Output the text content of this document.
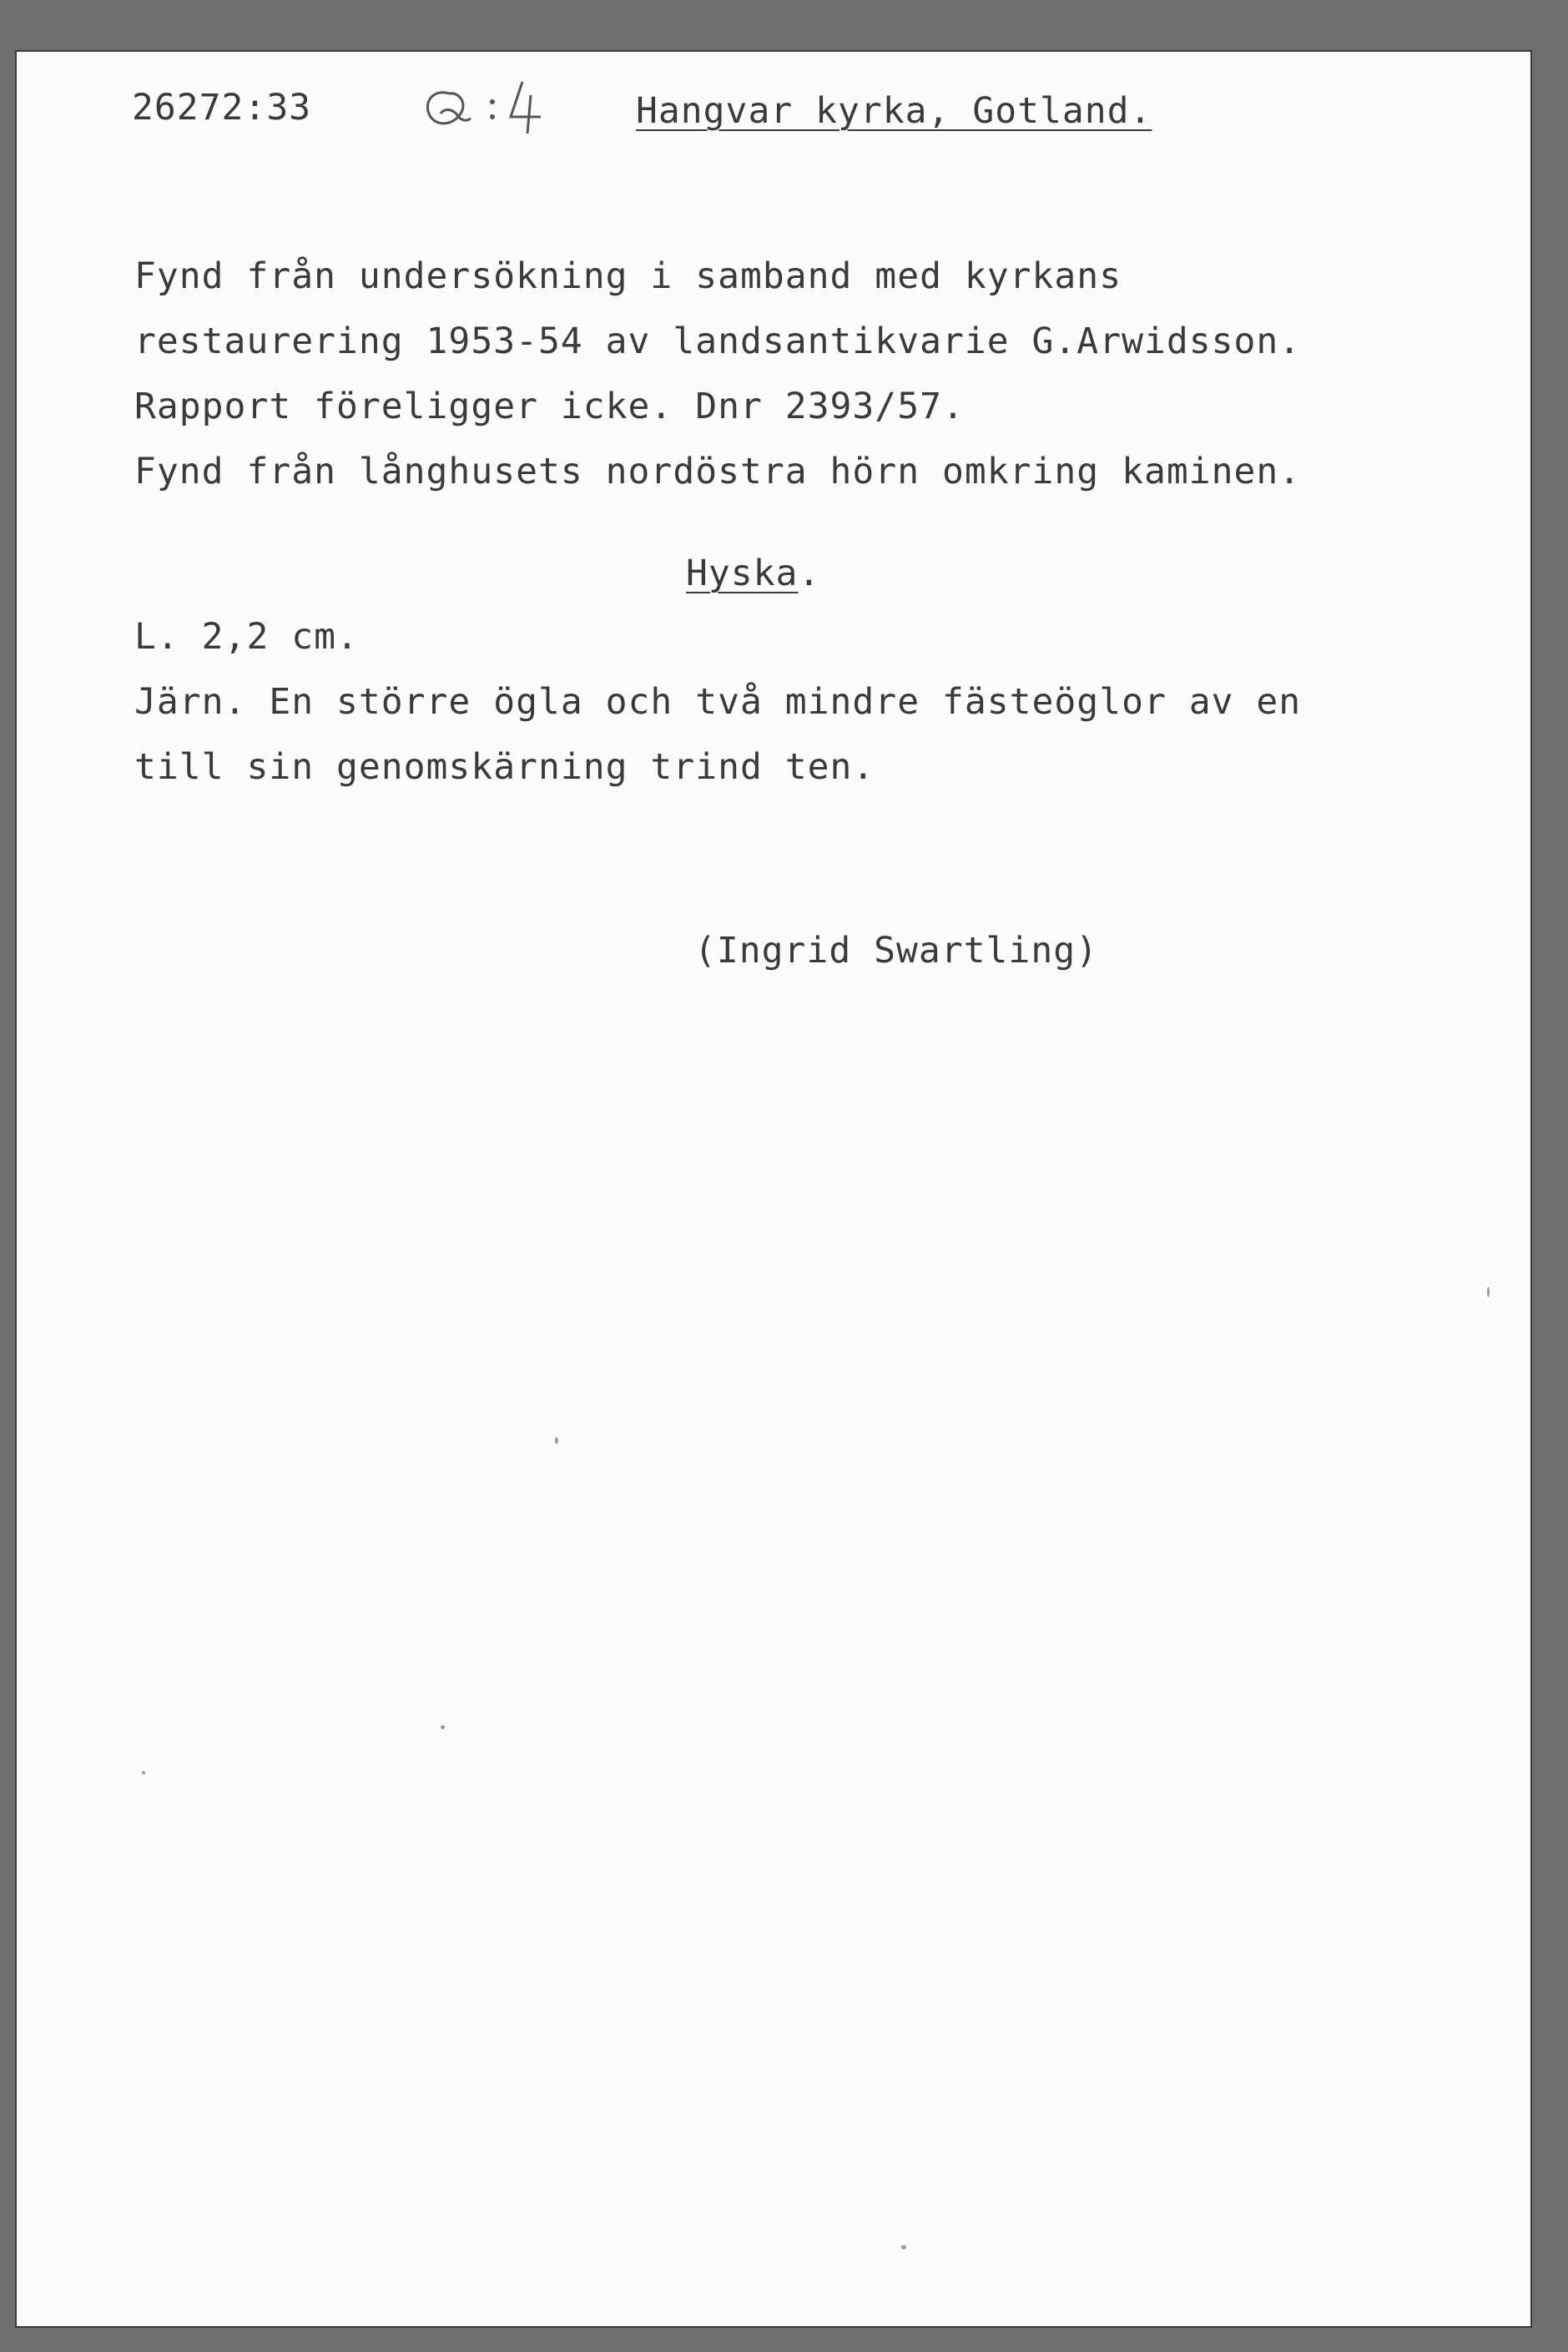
26272:33	Hangvar kyrka, Gotland.
Fynd från undersökning i samband med kyrkans
restaurering 1953-54 av landsantikvarie G.Arwidsson.
Rapport föreligger icke. Dnr 2393/57.
Fynd från långhusets nordöstra hörn omkring kaminen.
Hyska.
L. 2,2 cm.
Järn. En större ögla och två mindre fästeöglor av en
till sin genomskärning trind ten.
(Ingrid Swartling)
